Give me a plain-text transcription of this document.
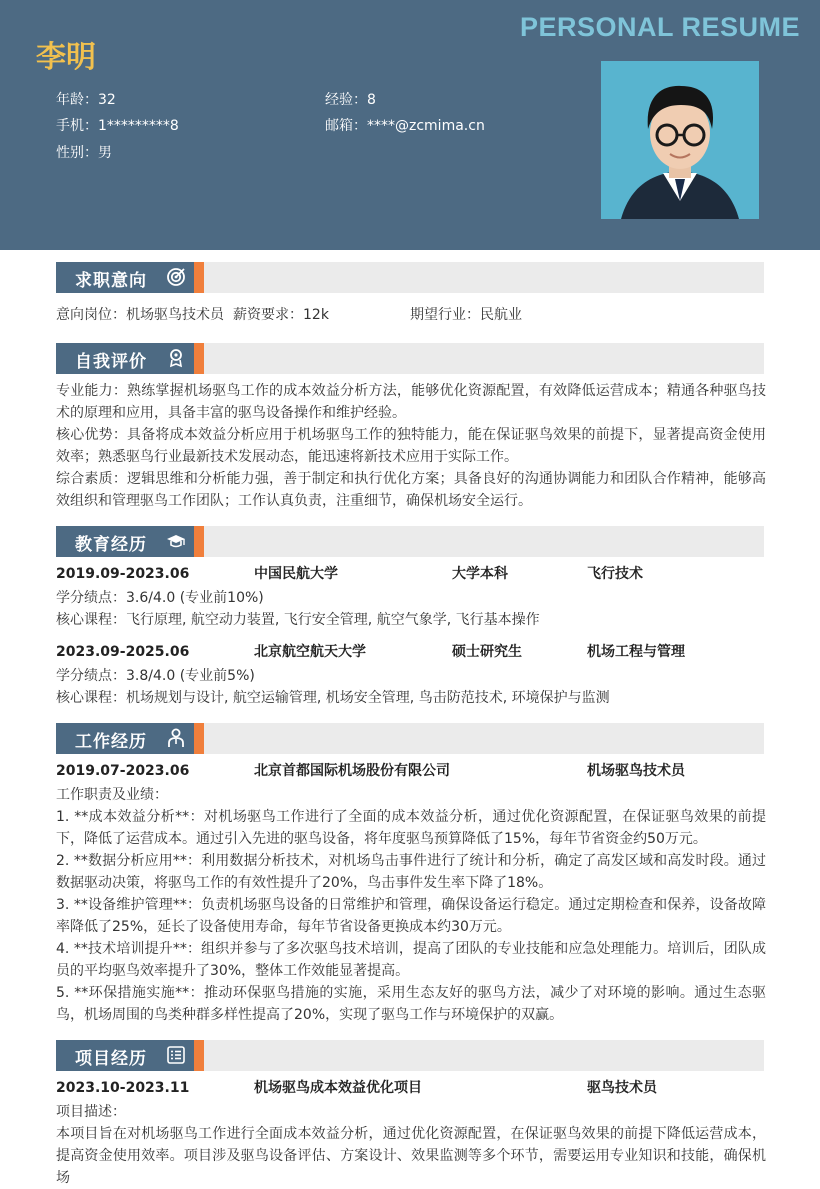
PERSONAL RESUME
李明
年龄：32
手机：1*********8
性别：男
经验：8
邮箱：****@zcmima.cn
求职意向
意向岗位：机场驱鸟技术员 薪资要求：12k	期望行业：民航业
自我评价
专业能力：熟练掌握机场驱鸟工作的成本效益分析方法，能够优化资源配置，有效降低运营成本；精通各种驱鸟技术的原理和应用，具备丰富的驱鸟设备操作和维护经验。
核心优势：具备将成本效益分析应用于机场驱鸟工作的独特能力，能在保证驱鸟效果的前提下，显著提高资金使用效率；熟悉驱鸟行业最新技术发展动态，能迅速将新技术应用于实际工作。
综合素质：逻辑思维和分析能力强，善于制定和执行优化方案；具备良好的沟通协调能力和团队合作精神，能够高效组织和管理驱鸟工作团队；工作认真负责，注重细节，确保机场安全运行。
教育经历
2019.09-2023.06	中国民航大学	大学本科	飞行技术
学分绩点：3.6/4.0 (专业前10%)
核心课程：飞行原理, 航空动力装置, 飞行安全管理, 航空气象学, 飞行基本操作
2023.09-2025.06	北京航空航天大学	硕士研究生	机场工程与管理
学分绩点：3.8/4.0 (专业前5%)
核心课程：机场规划与设计, 航空运输管理, 机场安全管理, 鸟击防范技术, 环境保护与监测
工作经历
2019.07-2023.06	北京首都国际机场股份有限公司	机场驱鸟技术员
工作职责及业绩：
1. **成本效益分析**：对机场驱鸟工作进行了全面的成本效益分析，通过优化资源配置，在保证驱鸟效果的前提下，降低了运营成本。通过引入先进的驱鸟设备，将年度驱鸟预算降低了15%，每年节省资金约50万元。
2. **数据分析应用**：利用数据分析技术，对机场鸟击事件进行了统计和分析，确定了高发区域和高发时段。通过数据驱动决策，将驱鸟工作的有效性提升了20%，鸟击事件发生率下降了18%。
3. **设备维护管理**：负责机场驱鸟设备的日常维护和管理，确保设备运行稳定。通过定期检查和保养，设备故障率降低了25%，延长了设备使用寿命，每年节省设备更换成本约30万元。
4. **技术培训提升**：组织并参与了多次驱鸟技术培训，提高了团队的专业技能和应急处理能力。培训后，团队成员的平均驱鸟效率提升了30%，整体工作效能显著提高。
5. **环保措施实施**：推动环保驱鸟措施的实施，采用生态友好的驱鸟方法，减少了对环境的影响。通过生态驱鸟，机场周围的鸟类种群多样性提高了20%，实现了驱鸟工作与环境保护的双赢。
项目经历
2023.10-2023.11	机场驱鸟成本效益优化项目	驱鸟技术员
项目描述：
本项目旨在对机场驱鸟工作进行全面成本效益分析，通过优化资源配置，在保证驱鸟效果的前提下降低运营成本，提高资金使用效率。项目涉及驱鸟设备评估、方案设计、效果监测等多个环节，需要运用专业知识和技能，确保机场
